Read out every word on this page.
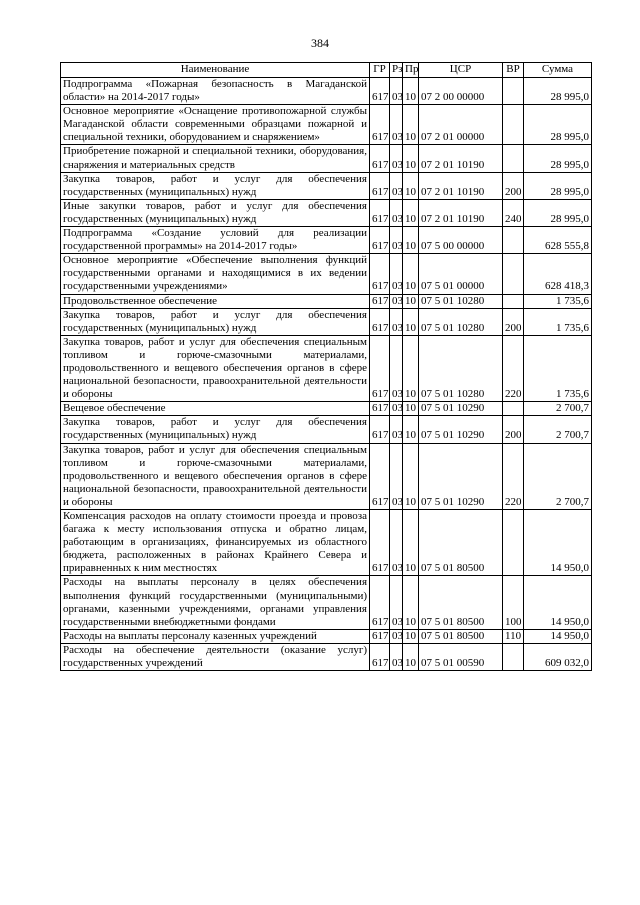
384
Наименование	ГР	Рз	Пр	ЦСР	ВР	Сумма
Подпрограмма «Пожарная безопасность в Магаданской области» на 2014-2017 годы»	617	03	10	07 2 00 00000		28 995,0
Основное мероприятие «Оснащение противопожарной службы Магаданской области современными образцами пожарной и специальной техники, оборудованием и снаряжением»	617	03	10	07 2 01 00000		28 995,0
Приобретение пожарной и специальной техники, оборудования, снаряжения и материальных средств	617	03	10	07 2 01 10190		28 995,0
Закупка товаров, работ и услуг для обеспечения государственных (муниципальных) нужд	617	03	10	07 2 01 10190	200	28 995,0
Иные закупки товаров, работ и услуг для обеспечения государственных (муниципальных) нужд	617	03	10	07 2 01 10190	240	28 995,0
Подпрограмма «Создание условий для реализации государственной программы» на 2014-2017 годы»	617	03	10	07 5 00 00000		628 555,8
Основное мероприятие «Обеспечение выполнения функций государственными органами и находящимися в их ведении государственными учреждениями»	617	03	10	07 5 01 00000		628 418,3
Продовольственное обеспечение	617	03	10	07 5 01 10280		1 735,6
Закупка товаров, работ и услуг для обеспечения государственных (муниципальных) нужд	617	03	10	07 5 01 10280	200	1 735,6
Закупка товаров, работ и услуг для обеспечения специальным топливом и горюче-смазочными материалами, продовольственного и вещевого обеспечения органов в сфере национальной безопасности, правоохранительной деятельности и обороны	617	03	10	07 5 01 10280	220	1 735,6
Вещевое обеспечение	617	03	10	07 5 01 10290		2 700,7
Закупка товаров, работ и услуг для обеспечения государственных (муниципальных) нужд	617	03	10	07 5 01 10290	200	2 700,7
Закупка товаров, работ и услуг для обеспечения специальным топливом и горюче-смазочными материалами, продовольственного и вещевого обеспечения органов в сфере национальной безопасности, правоохранительной деятельности и обороны	617	03	10	07 5 01 10290	220	2 700,7
Компенсация расходов на оплату стоимости проезда и провоза багажа к месту использования отпуска и обратно лицам, работающим в организациях, финансируемых из областного бюджета, расположенных в районах Крайнего Севера и приравненных к ним местностях	617	03	10	07 5 01 80500		14 950,0
Расходы на выплаты персоналу в целях обеспечения выполнения функций государственными (муниципальными) органами, казенными учреждениями, органами управления государственными внебюджетными фондами	617	03	10	07 5 01 80500	100	14 950,0
Расходы на выплаты персоналу казенных учреждений	617	03	10	07 5 01 80500	110	14 950,0
Расходы на обеспечение деятельности (оказание услуг) государственных учреждений	617	03	10	07 5 01 00590		609 032,0
